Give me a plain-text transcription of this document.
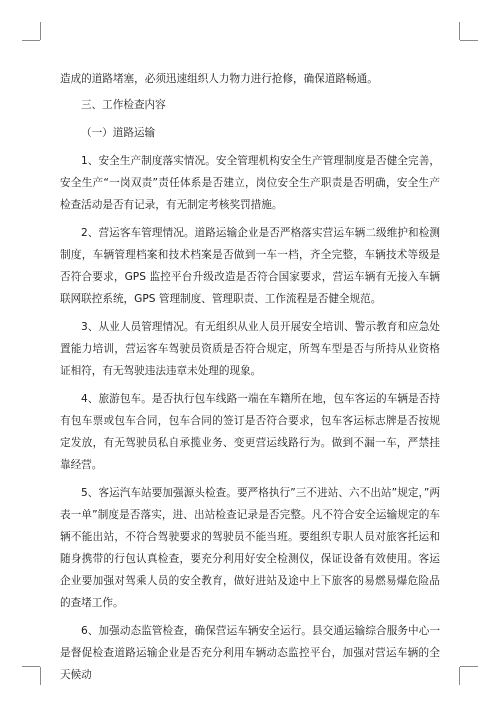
造成的道路堵塞，必须迅速组织人力物力进行抢修，确保道路畅通。

三、工作检查内容

（一）道路运输

1、安全生产制度落实情况。安全管理机构安全生产管理制度是否健全完善，安全生产“一岗双责”责任体系是否建立，岗位安全生产职责是否明确，安全生产检查活动是否有记录，有无制定考核奖罚措施。

2、营运客车管理情况。道路运输企业是否严格落实营运车辆二级维护和检测制度，车辆管理档案和技术档案是否做到一车一档，齐全完整，车辆技术等级是否符合要求，GPS 监控平台升级改造是否符合国家要求，营运车辆有无接入车辆联网联控系统，GPS 管理制度、管理职责、工作流程是否健全规范。

3、从业人员管理情况。有无组织从业人员开展安全培训、警示教育和应急处置能力培训，营运客车驾驶员资质是否符合规定，所驾车型是否与所持从业资格证相符，有无驾驶违法违章未处理的现象。

4、旅游包车。是否执行包车线路一端在车籍所在地，包车客运的车辆是否持有包车票或包车合同，包车合同的签订是否符合要求，包车客运标志牌是否按规定发放，有无驾驶员私自承揽业务、变更营运线路行为。做到不漏一车，严禁挂靠经营。

5、客运汽车站要加强源头检查。要严格执行”三不进站、六不出站”规定，”两表一单”制度是否落实，进、出站检查记录是否完整。凡不符合安全运输规定的车辆不能出站，不符合驾驶要求的驾驶员不能当班。要组织专职人员对旅客托运和随身携带的行包认真检查，要充分利用好安全检测仪，保证设备有效使用。客运企业要加强对驾乘人员的安全教育，做好进站及途中上下旅客的易燃易爆危险品的查堵工作。

6、加强动态监管检查，确保营运车辆安全运行。县交通运输综合服务中心一是督促检查道路运输企业是否充分利用车辆动态监控平台，加强对营运车辆的全天候动
